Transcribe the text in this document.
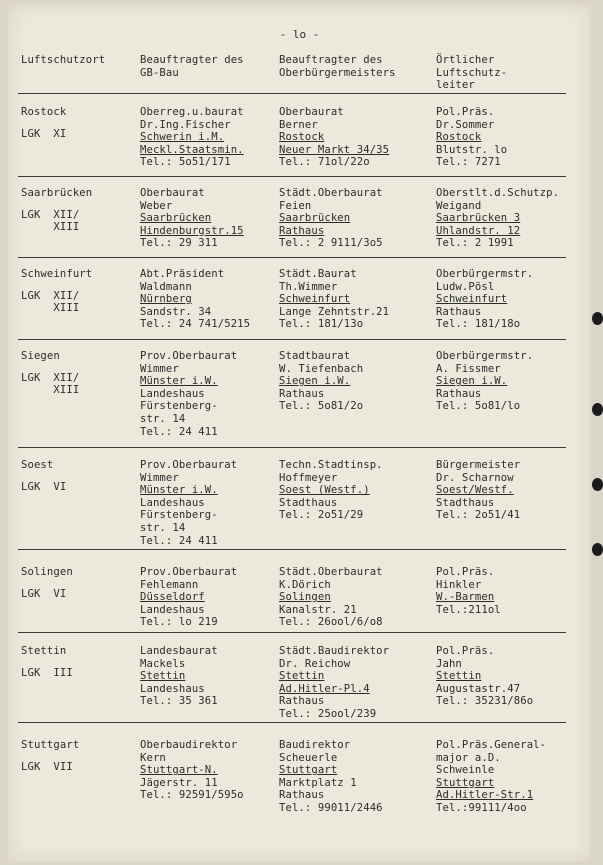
- lo -
Luftschutzort	Beauftragter des
GB-Bau
Beauftragter des
Oberbürgermeisters
Örtlicher
Luftschutz-
leiter
Rostock
LGK  XI
Oberreg.u.baurat
Dr.Ing.Fischer
Schwerin i.M.
Meckl.Staatsmin.
Tel.: 5o51/171
Oberbaurat
Berner
Rostock
Neuer Markt 34/35
Tel.: 71ol/22o
Pol.Präs.
Dr.Sommer
Rostock
Blutstr. lo
Tel.: 7271
Saarbrücken
LGK  XII/
XIII
Oberbaurat
Weber
Saarbrücken
Hindenburgstr.15
Tel.: 29 311
Städt.Oberbaurat
Feien
Saarbrücken
Rathaus
Tel.: 2 9111/3o5
Oberstlt.d.Schutzp.
Weigand
Saarbrücken 3
Uhlandstr. 12
Tel.: 2 1991
Schweinfurt
LGK  XII/
XIII
Abt.Präsident
Waldmann
Nürnberg
Sandstr. 34
Tel.: 24 741/5215
Städt.Baurat
Th.Wimmer
Schweinfurt
Lange Zehntstr.21
Tel.: 181/13o
Oberbürgermstr.
Ludw.Pösl
Schweinfurt
Rathaus
Tel.: 181/18o
Siegen
LGK  XII/
XIII
Prov.Oberbaurat
Wimmer
Münster i.W.
Landeshaus
Fürstenberg-
str. 14
Tel.: 24 411
Stadtbaurat
W. Tiefenbach
Siegen i.W.
Rathaus
Tel.: 5o81/2o
Oberbürgermstr.
A. Fissmer
Siegen i.W.
Rathaus
Tel.: 5o81/lo
Soest
LGK  VI
Prov.Oberbaurat
Wimmer
Münster i.W.
Landeshaus
Fürstenberg-
str. 14
Tel.: 24 411
Techn.Stadtinsp.
Hoffmeyer
Soest (Westf.)
Stadthaus
Tel.: 2o51/29
Bürgermeister
Dr. Scharnow
Soest/Westf.
Stadthaus
Tel.: 2o51/41
Solingen
LGK  VI
Prov.Oberbaurat
Fehlemann
Düsseldorf
Landeshaus
Tel.: lo 219
Städt.Oberbaurat
K.Dörich
Solingen
Kanalstr. 21
Tel.: 26ool/6/o8
Pol.Präs.
Hinkler
W.-Barmen
Tel.:211ol
Stettin
LGK  III
Landesbaurat
Mackels
Stettin
Landeshaus
Tel.: 35 361
Städt.Baudirektor
Dr. Reichow
Stettin
Ad.Hitler-Pl.4
Rathaus
Tel.: 25ool/239
Pol.Präs.
Jahn
Stettin
Augustastr.47
Tel.: 35231/86o
Stuttgart
LGK  VII
Oberbaudirektor
Kern
Stuttgart-N.
Jägerstr. 11
Tel.: 92591/595o
Baudirektor
Scheuerle
Stuttgart
Marktplatz 1
Rathaus
Tel.: 99011/2446
Pol.Präs.General-
major a.D.
Schweinle
Stuttgart
Ad.Hitler-Str.1
Tel.:99111/4oo
